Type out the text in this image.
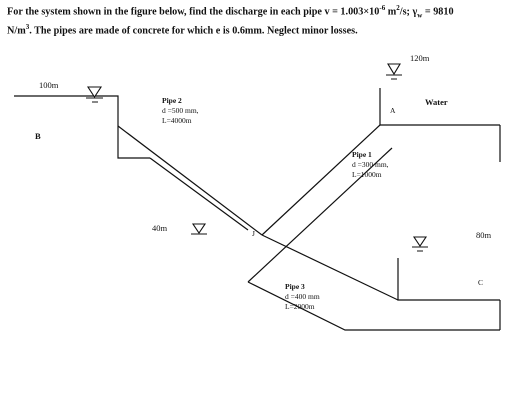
For the system shown in the figure below, find the discharge in each pipe $v = 1.003\times 10^{-6}$ $m^2/s$; $\gamma_w = 9810$
$N/m^3$. The pipes are made of concrete for which e is 0.6mm. Neglect minor losses.
100m
B
Pipe 2
d =500 mm,
L=4000m
120m
A
Water
Pipe 1
d =300 mm,
L=1000m
40m
J	80m
C
Pipe 3
d =400 mm
L=2000m
